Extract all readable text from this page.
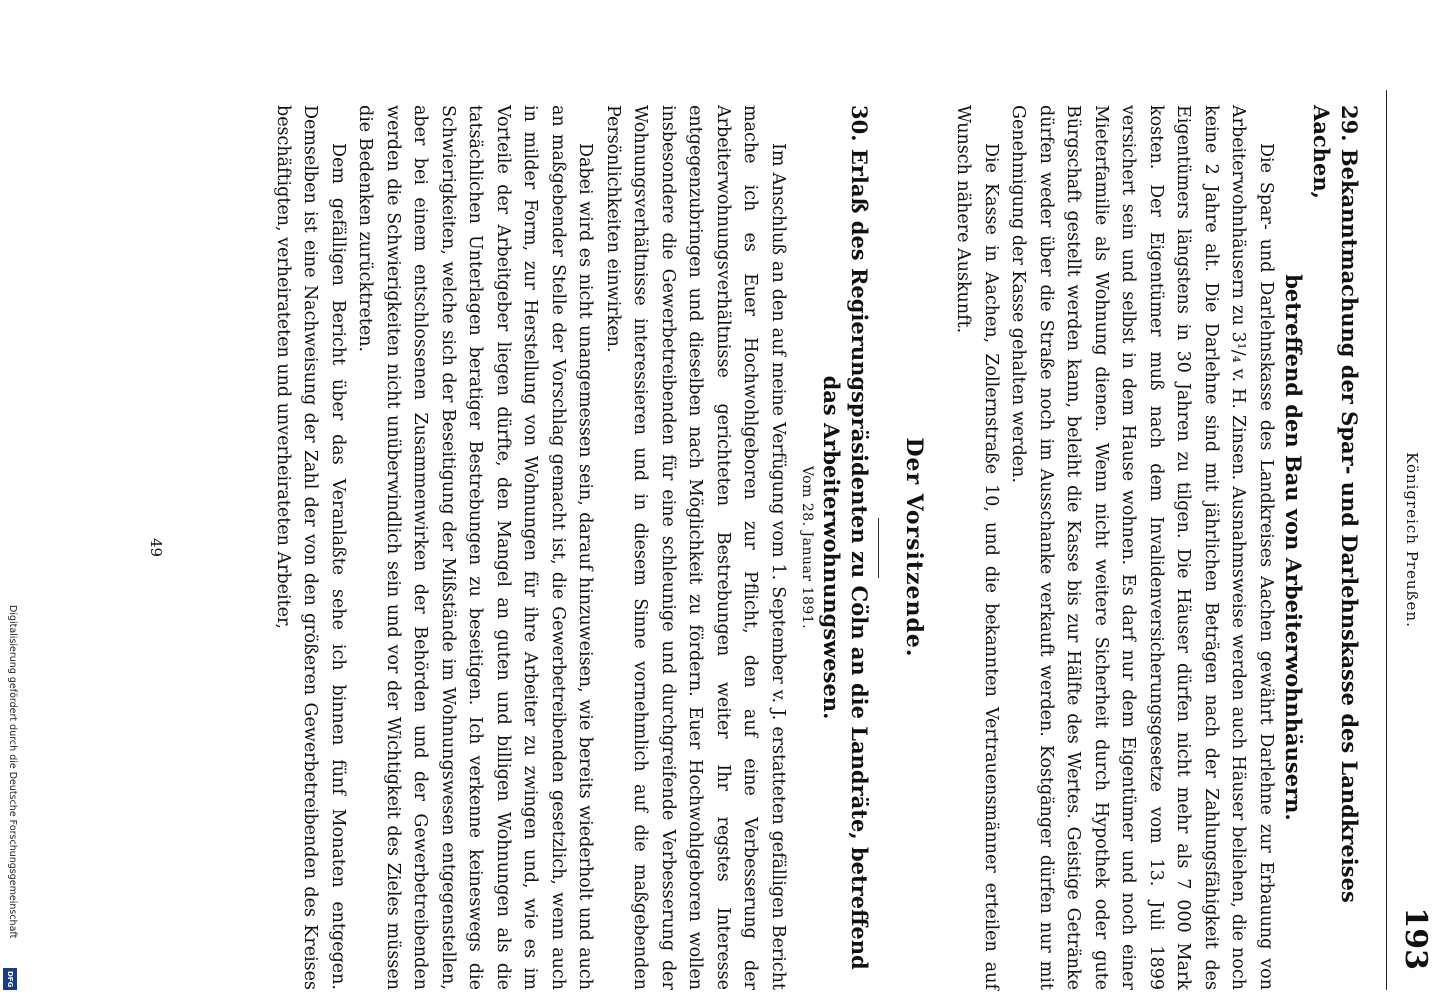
Digitalisierung gefördert durch die Deutsche Forschungsgemeinschaft
DFG
Königreich Preußen.
193
29. Bekanntmachung der Spar- und Darlehnskasse des Landkreises Aachen,
betreffend den Bau von Arbeiterwohnhäusern.

Die Spar- und Darlehnskasse des Landkreises Aachen gewährt Darlehne zur Erbauung von Arbeiterwohnhäusern zu 3¹/₄ v. H. Zinsen. Ausnahmsweise werden auch Häuser beliehen, die noch keine 2 Jahre alt. Die Darlehne sind mit jährlichen Beträgen nach der Zahlungsfähigkeit des Eigentümers längstens in 30 Jahren zu tilgen. Die Häuser dürfen nicht mehr als 7 000 Mark kosten. Der Eigentümer muß nach dem Invalidenversicherungsgesetze vom 13. Juli 1899 versichert sein und selbst in dem Hause wohnen. Es darf nur dem Eigentümer und noch einer Mieterfamilie als Wohnung dienen. Wenn nicht weitere Sicherheit durch Hypothek oder gute Bürgschaft gestellt werden kann, beleiht die Kasse bis zur Hälfte des Wertes. Geistige Getränke dürfen weder über die Straße noch im Ausschanke verkauft werden. Kostgänger dürfen nur mit Genehmigung der Kasse gehalten werden.

Die Kasse in Aachen, Zollernstraße 10, und die bekannten Vertrauensmänner erteilen auf Wunsch nähere Auskunft.

Der Vorsitzende.
30. Erlaß des Regierungspräsidenten zu Cöln an die Landräte, betreffend
das Arbeiterwohnungswesen.
Vom 28. Januar 1891.

Im Anschluß an den auf meine Verfügung vom 1. September v. J. erstatteten gefälligen Bericht mache ich es Euer Hochwohlgeboren zur Pflicht, den auf eine Verbesserung der Arbeiterwohnungsverhältnisse gerichteten Bestrebungen weiter Ihr regstes Interesse entgegenzubringen und dieselben nach Möglichkeit zu fördern. Euer Hochwohlgeboren wollen insbesondere die Gewerbetreibenden für eine schleunige und durchgreifende Verbesserung der Wohnungsverhältnisse interessieren und in diesem Sinne vornehmlich auf die maßgebenden Persönlichkeiten einwirken.

Dabei wird es nicht unangemessen sein, darauf hinzuweisen, wie bereits wiederholt und auch an maßgebender Stelle der Vorschlag gemacht ist, die Gewerbetreibenden gesetzlich, wenn auch in milder Form, zur Herstellung von Wohnungen für ihre Arbeiter zu zwingen und, wie es im Vorteile der Arbeitgeber liegen dürfte, den Mangel an guten und billigen Wohnungen als die tatsächlichen Unterlagen beratiger Bestrebungen zu beseitigen. Ich verkenne keineswegs die Schwierigkeiten, welche sich der Beseitigung der Mißstände im Wohnungswesen entgegenstellen, aber bei einem entschlossenen Zusammenwirken der Behörden und der Gewerbetreibenden werden die Schwierigkeiten nicht unüberwindlich sein und vor der Wichtigkeit des Zieles müssen die Bedenken zurücktreten.

Dem gefälligen Bericht über das Veranlaßte sehe ich binnen fünf Monaten entgegen. Demselben ist eine Nachweisung der Zahl der von den größeren Gewerbetreibenden des Kreises beschäftigten, verheirateten und unverheirateten Arbeiter,

49
